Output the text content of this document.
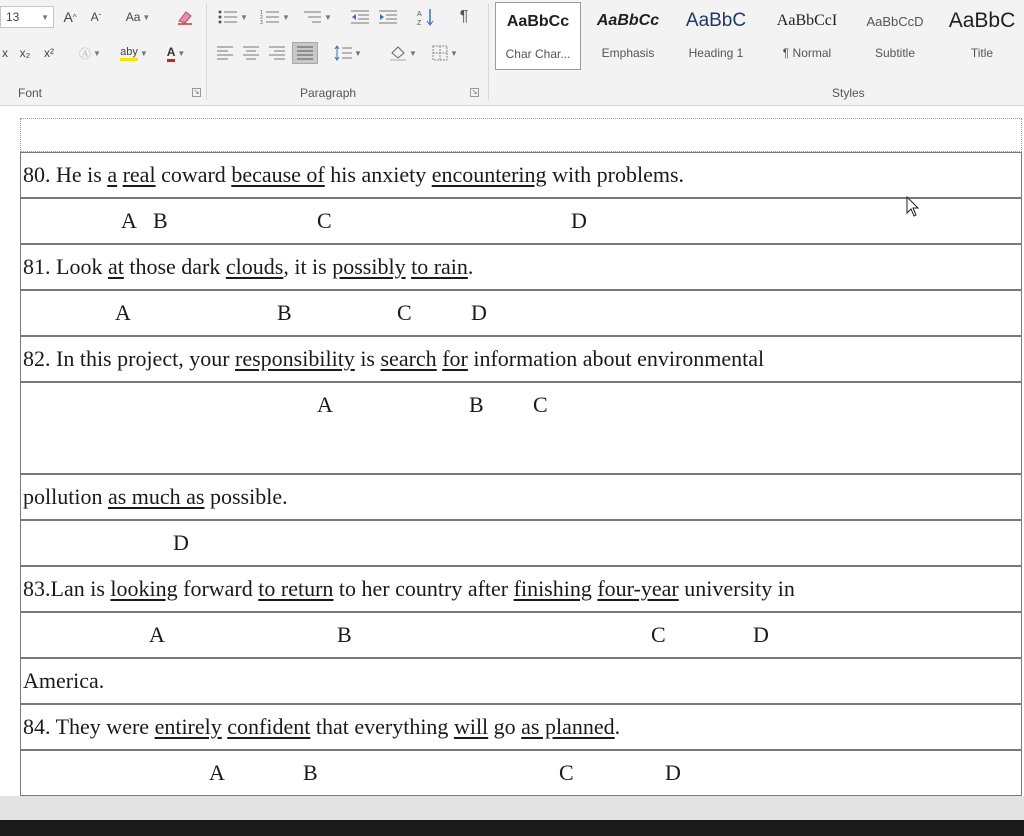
13	▼ A ^ A ˇ Aa ▼
x x₂ x² Ⓐ ▼ aby ▼ A ▼
Font	↘
▼ 1
2
3
▼	▼	A
Z ¶
▼	▼	▼
Paragraph	↘
AaBbCc
Char Char...
AaBbCc
Emphasis
AaBbC
Heading 1
AaBbCcI
¶ Normal
AaBbCcD
Subtitle
AaBbC
Title
Styles
80. He is a real coward because of his anxiety encountering with problems.
A B	C	D
81. Look at those dark clouds, it is possibly to rain.
A	B	C	D
82. In this project, your responsibility is search for information about environmental
A	B C
pollution as much as possible.
D
83.Lan is looking forward to return to her country after finishing four-year university in
A	B	C	D
America.
84. They were entirely confident that everything will go as planned.
A	B	C	D
